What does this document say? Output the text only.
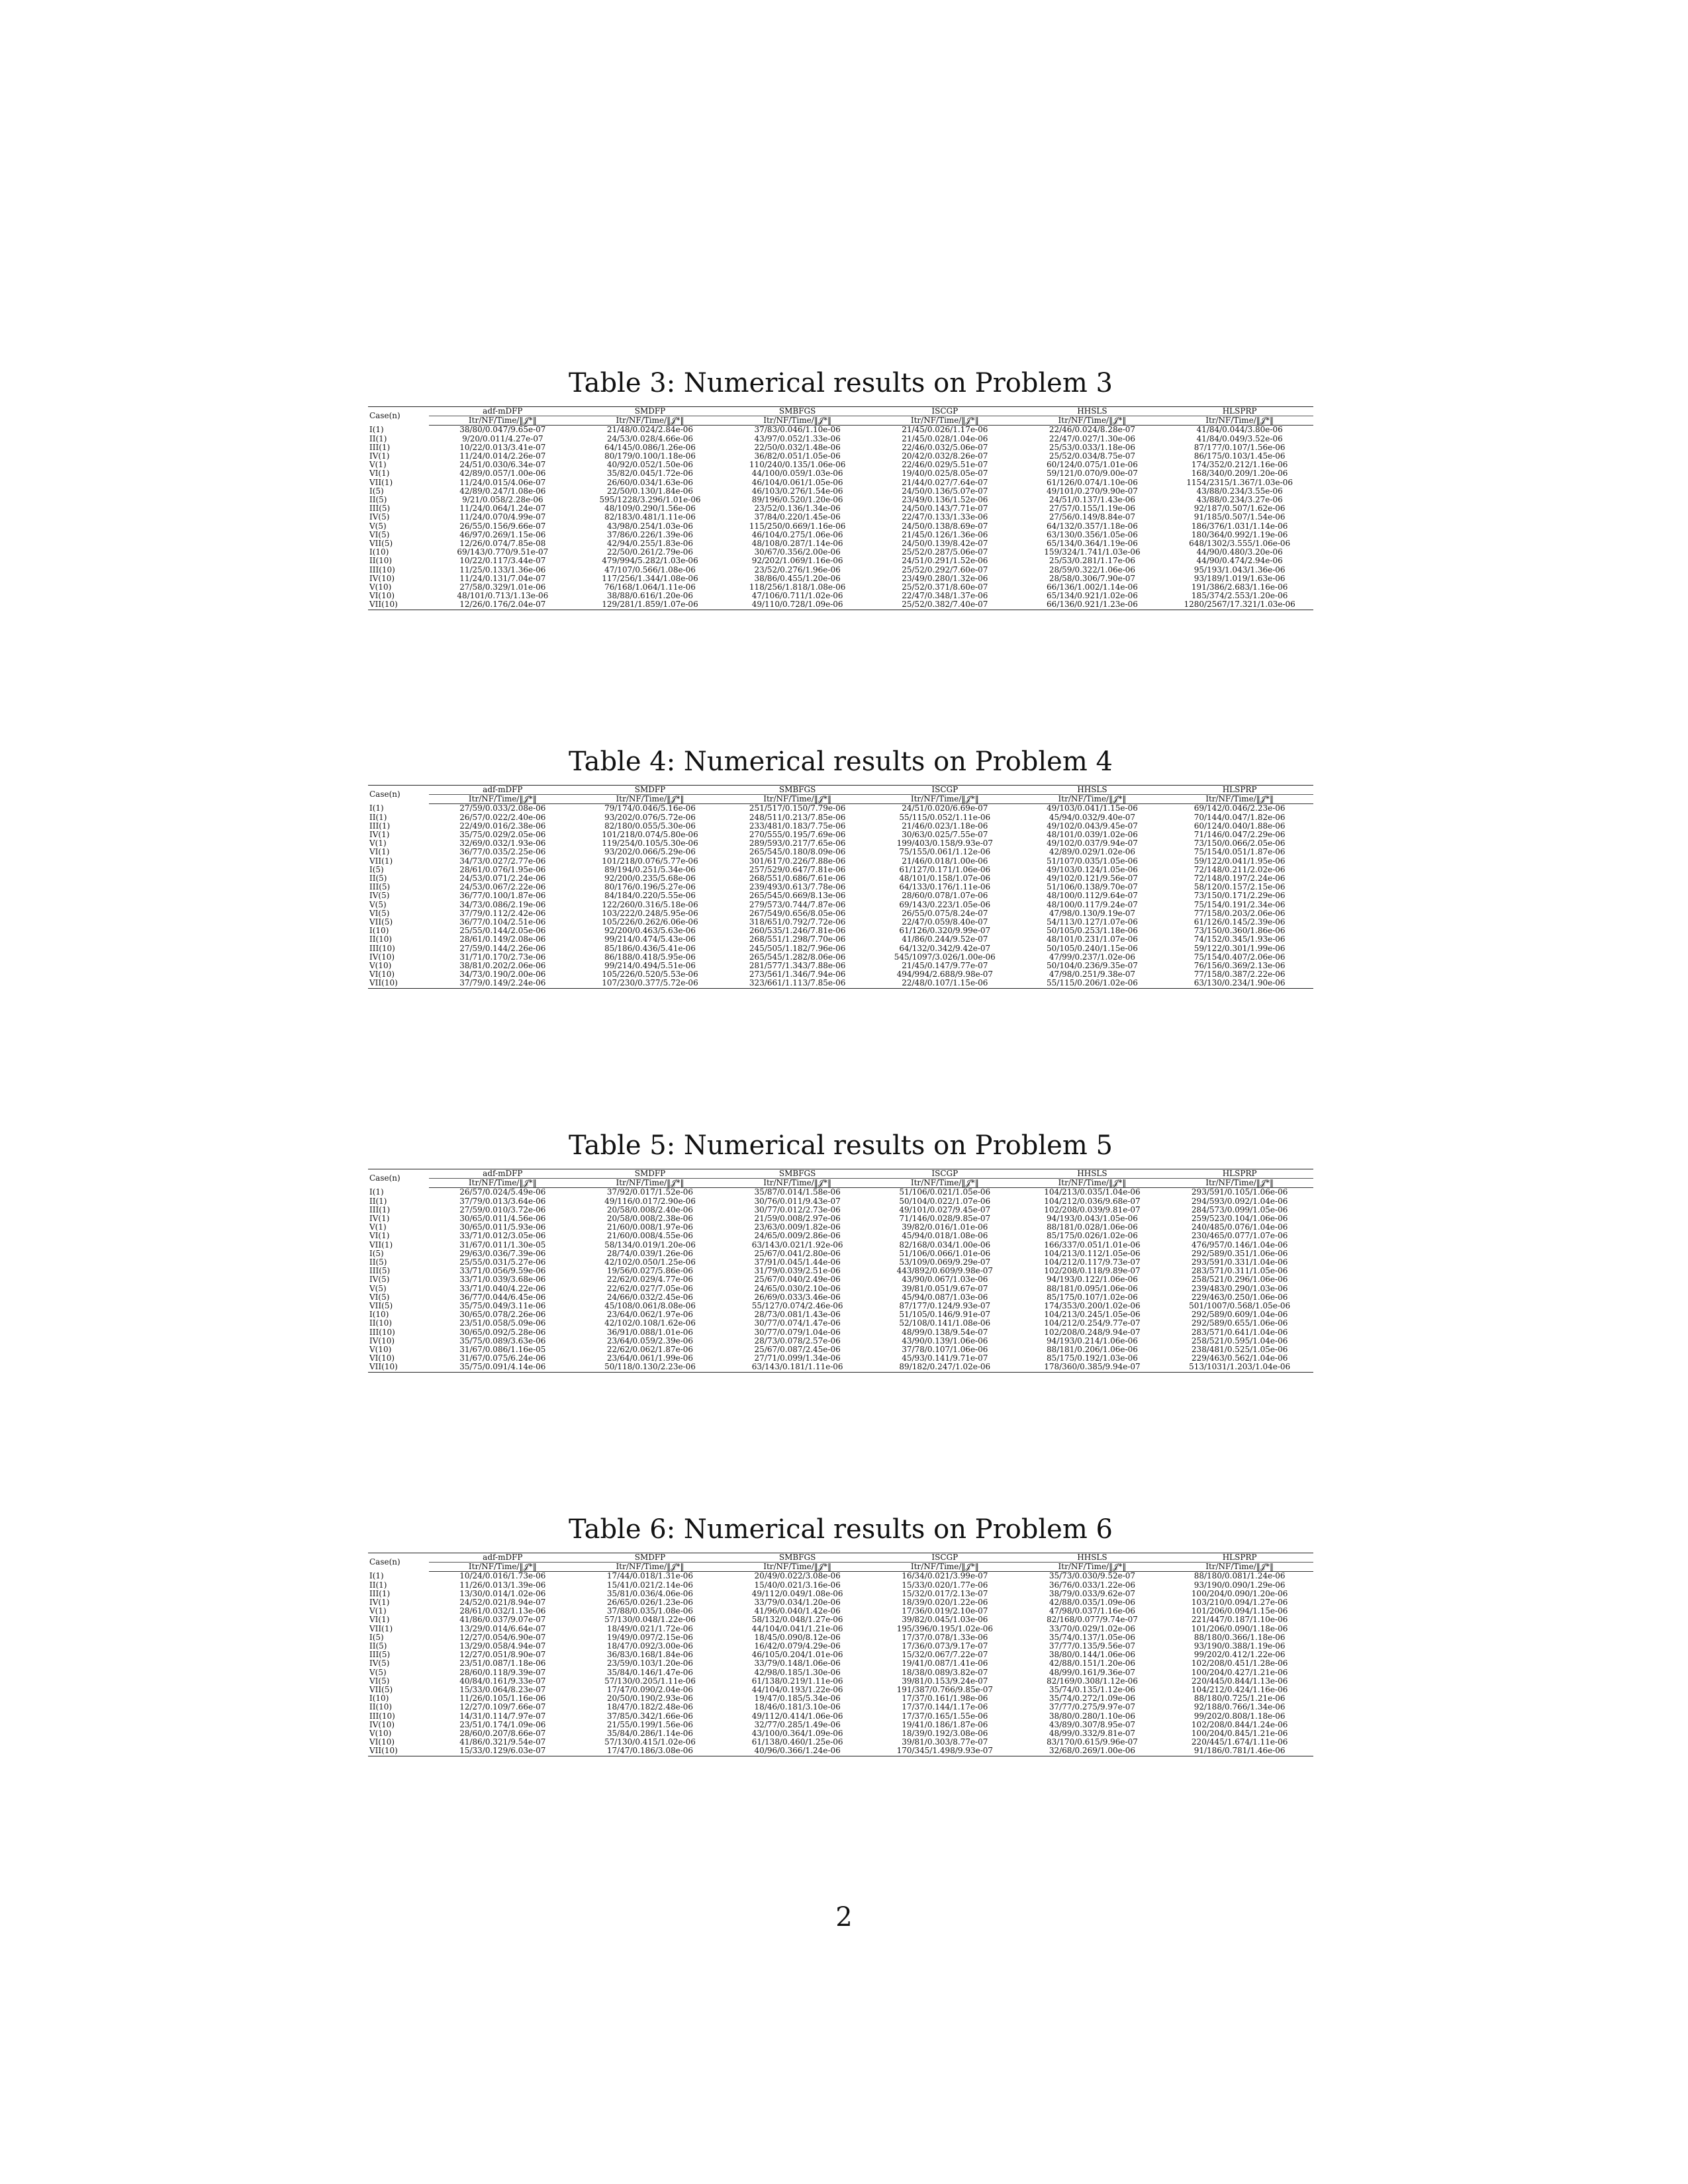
Table 3: Numerical results on Problem 3
Case(n)	adf-mDFP	SMDFP	SMBFGS	ISCGP	HHSLS	HLSPRP
	Itr/NF/Time/‖𝒥*‖	Itr/NF/Time/‖𝒥*‖	Itr/NF/Time/‖𝒥*‖	Itr/NF/Time/‖𝒥*‖	Itr/NF/Time/‖𝒥*‖	Itr/NF/Time/‖𝒥*‖
I(1)	38/80/0.047/9.65e-07	21/48/0.024/2.84e-06	37/83/0.046/1.10e-06	21/45/0.026/1.17e-06	22/46/0.024/8.28e-07	41/84/0.044/3.80e-06
II(1)	9/20/0.011/4.27e-07	24/53/0.028/4.66e-06	43/97/0.052/1.33e-06	21/45/0.028/1.04e-06	22/47/0.027/1.30e-06	41/84/0.049/3.52e-06
III(1)	10/22/0.013/3.41e-07	64/145/0.086/1.26e-06	22/50/0.032/1.48e-06	22/46/0.032/5.06e-07	25/53/0.033/1.18e-06	87/177/0.107/1.56e-06
IV(1)	11/24/0.014/2.26e-07	80/179/0.100/1.18e-06	36/82/0.051/1.05e-06	20/42/0.032/8.26e-07	25/52/0.034/8.75e-07	86/175/0.103/1.45e-06
V(1)	24/51/0.030/6.34e-07	40/92/0.052/1.50e-06	110/240/0.135/1.06e-06	22/46/0.029/5.51e-07	60/124/0.075/1.01e-06	174/352/0.212/1.16e-06
VI(1)	42/89/0.057/1.00e-06	35/82/0.045/1.72e-06	44/100/0.059/1.03e-06	19/40/0.025/8.05e-07	59/121/0.070/9.00e-07	168/340/0.209/1.20e-06
VII(1)	11/24/0.015/4.06e-07	26/60/0.034/1.63e-06	46/104/0.061/1.05e-06	21/44/0.027/7.64e-07	61/126/0.074/1.10e-06	1154/2315/1.367/1.03e-06
I(5)	42/89/0.247/1.08e-06	22/50/0.130/1.84e-06	46/103/0.276/1.54e-06	24/50/0.136/5.07e-07	49/101/0.270/9.90e-07	43/88/0.234/3.55e-06
II(5)	9/21/0.058/2.28e-06	595/1228/3.296/1.01e-06	89/196/0.520/1.20e-06	23/49/0.136/1.52e-06	24/51/0.137/1.43e-06	43/88/0.234/3.27e-06
III(5)	11/24/0.064/1.24e-07	48/109/0.290/1.56e-06	23/52/0.136/1.34e-06	24/50/0.143/7.71e-07	27/57/0.155/1.19e-06	92/187/0.507/1.62e-06
IV(5)	11/24/0.070/4.99e-07	82/183/0.481/1.11e-06	37/84/0.220/1.45e-06	22/47/0.133/1.33e-06	27/56/0.149/8.84e-07	91/185/0.507/1.54e-06
V(5)	26/55/0.156/9.66e-07	43/98/0.254/1.03e-06	115/250/0.669/1.16e-06	24/50/0.138/8.69e-07	64/132/0.357/1.18e-06	186/376/1.031/1.14e-06
VI(5)	46/97/0.269/1.15e-06	37/86/0.226/1.39e-06	46/104/0.275/1.06e-06	21/45/0.126/1.36e-06	63/130/0.356/1.05e-06	180/364/0.992/1.19e-06
VII(5)	12/26/0.074/7.85e-08	42/94/0.255/1.83e-06	48/108/0.287/1.14e-06	24/50/0.139/8.42e-07	65/134/0.364/1.19e-06	648/1302/3.555/1.06e-06
I(10)	69/143/0.770/9.51e-07	22/50/0.261/2.79e-06	30/67/0.356/2.00e-06	25/52/0.287/5.06e-07	159/324/1.741/1.03e-06	44/90/0.480/3.20e-06
II(10)	10/22/0.117/3.44e-07	479/994/5.282/1.03e-06	92/202/1.069/1.16e-06	24/51/0.291/1.52e-06	25/53/0.281/1.17e-06	44/90/0.474/2.94e-06
III(10)	11/25/0.133/1.36e-06	47/107/0.566/1.08e-06	23/52/0.276/1.96e-06	25/52/0.292/7.60e-07	28/59/0.322/1.06e-06	95/193/1.043/1.36e-06
IV(10)	11/24/0.131/7.04e-07	117/256/1.344/1.08e-06	38/86/0.455/1.20e-06	23/49/0.280/1.32e-06	28/58/0.306/7.90e-07	93/189/1.019/1.63e-06
V(10)	27/58/0.329/1.01e-06	76/168/1.064/1.11e-06	118/256/1.818/1.08e-06	25/52/0.371/8.60e-07	66/136/1.002/1.14e-06	191/386/2.683/1.16e-06
VI(10)	48/101/0.713/1.13e-06	38/88/0.616/1.20e-06	47/106/0.711/1.02e-06	22/47/0.348/1.37e-06	65/134/0.921/1.02e-06	185/374/2.553/1.20e-06
VII(10)	12/26/0.176/2.04e-07	129/281/1.859/1.07e-06	49/110/0.728/1.09e-06	25/52/0.382/7.40e-07	66/136/0.921/1.23e-06	1280/2567/17.321/1.03e-06
Table 4: Numerical results on Problem 4
Case(n)	adf-mDFP	SMDFP	SMBFGS	ISCGP	HHSLS	HLSPRP
	Itr/NF/Time/‖𝒥*‖	Itr/NF/Time/‖𝒥*‖	Itr/NF/Time/‖𝒥*‖	Itr/NF/Time/‖𝒥*‖	Itr/NF/Time/‖𝒥*‖	Itr/NF/Time/‖𝒥*‖
I(1)	27/59/0.033/2.08e-06	79/174/0.046/5.16e-06	251/517/0.150/7.79e-06	24/51/0.020/6.69e-07	49/103/0.041/1.15e-06	69/142/0.046/2.23e-06
II(1)	26/57/0.022/2.40e-06	93/202/0.076/5.72e-06	248/511/0.213/7.85e-06	55/115/0.052/1.11e-06	45/94/0.032/9.40e-07	70/144/0.047/1.82e-06
III(1)	22/49/0.016/2.38e-06	82/180/0.055/5.30e-06	233/481/0.183/7.75e-06	21/46/0.023/1.18e-06	49/102/0.043/9.45e-07	60/124/0.040/1.88e-06
IV(1)	35/75/0.029/2.05e-06	101/218/0.074/5.80e-06	270/555/0.195/7.69e-06	30/63/0.025/7.55e-07	48/101/0.039/1.02e-06	71/146/0.047/2.29e-06
V(1)	32/69/0.032/1.93e-06	119/254/0.105/5.30e-06	289/593/0.217/7.65e-06	199/403/0.158/9.93e-07	49/102/0.037/9.94e-07	73/150/0.066/2.05e-06
VI(1)	36/77/0.035/2.25e-06	93/202/0.066/5.29e-06	265/545/0.180/8.09e-06	75/155/0.061/1.12e-06	42/89/0.029/1.02e-06	75/154/0.051/1.87e-06
VII(1)	34/73/0.027/2.77e-06	101/218/0.076/5.77e-06	301/617/0.226/7.88e-06	21/46/0.018/1.00e-06	51/107/0.035/1.05e-06	59/122/0.041/1.95e-06
I(5)	28/61/0.076/1.95e-06	89/194/0.251/5.34e-06	257/529/0.647/7.81e-06	61/127/0.171/1.06e-06	49/103/0.124/1.05e-06	72/148/0.211/2.02e-06
II(5)	24/53/0.071/2.24e-06	92/200/0.235/5.68e-06	268/551/0.686/7.61e-06	48/101/0.158/1.07e-06	49/102/0.121/9.56e-07	72/148/0.197/2.24e-06
III(5)	24/53/0.067/2.22e-06	80/176/0.196/5.27e-06	239/493/0.613/7.78e-06	64/133/0.176/1.11e-06	51/106/0.138/9.70e-07	58/120/0.157/2.15e-06
IV(5)	36/77/0.100/1.87e-06	84/184/0.220/5.55e-06	265/545/0.669/8.13e-06	28/60/0.078/1.07e-06	48/100/0.112/9.64e-07	73/150/0.171/2.29e-06
V(5)	34/73/0.086/2.19e-06	122/260/0.316/5.18e-06	279/573/0.744/7.87e-06	69/143/0.223/1.05e-06	48/100/0.117/9.24e-07	75/154/0.191/2.34e-06
VI(5)	37/79/0.112/2.42e-06	103/222/0.248/5.95e-06	267/549/0.656/8.05e-06	26/55/0.075/8.24e-07	47/98/0.130/9.19e-07	77/158/0.203/2.06e-06
VII(5)	36/77/0.104/2.51e-06	105/226/0.262/6.06e-06	318/651/0.792/7.72e-06	22/47/0.059/8.40e-07	54/113/0.127/1.07e-06	61/126/0.145/2.39e-06
I(10)	25/55/0.144/2.05e-06	92/200/0.463/5.63e-06	260/535/1.246/7.81e-06	61/126/0.320/9.99e-07	50/105/0.253/1.18e-06	73/150/0.360/1.86e-06
II(10)	28/61/0.149/2.08e-06	99/214/0.474/5.43e-06	268/551/1.298/7.70e-06	41/86/0.244/9.52e-07	48/101/0.231/1.07e-06	74/152/0.345/1.93e-06
III(10)	27/59/0.144/2.26e-06	85/186/0.436/5.41e-06	245/505/1.182/7.96e-06	64/132/0.342/9.42e-07	50/105/0.240/1.15e-06	59/122/0.301/1.99e-06
IV(10)	31/71/0.170/2.73e-06	86/188/0.418/5.95e-06	265/545/1.282/8.06e-06	545/1097/3.026/1.00e-06	47/99/0.237/1.02e-06	75/154/0.407/2.06e-06
V(10)	38/81/0.202/2.06e-06	99/214/0.494/5.51e-06	281/577/1.343/7.88e-06	21/45/0.147/9.77e-07	50/104/0.236/9.35e-07	76/156/0.369/2.13e-06
VI(10)	34/73/0.190/2.00e-06	105/226/0.520/5.53e-06	273/561/1.346/7.94e-06	494/994/2.688/9.98e-07	47/98/0.251/9.38e-07	77/158/0.387/2.22e-06
VII(10)	37/79/0.149/2.24e-06	107/230/0.377/5.72e-06	323/661/1.113/7.85e-06	22/48/0.107/1.15e-06	55/115/0.206/1.02e-06	63/130/0.234/1.90e-06
Table 5: Numerical results on Problem 5
Case(n)	adf-mDFP	SMDFP	SMBFGS	ISCGP	HHSLS	HLSPRP
	Itr/NF/Time/‖𝒥*‖	Itr/NF/Time/‖𝒥*‖	Itr/NF/Time/‖𝒥*‖	Itr/NF/Time/‖𝒥*‖	Itr/NF/Time/‖𝒥*‖	Itr/NF/Time/‖𝒥*‖
I(1)	26/57/0.024/5.49e-06	37/92/0.017/1.52e-06	35/87/0.014/1.58e-06	51/106/0.021/1.05e-06	104/213/0.035/1.04e-06	293/591/0.105/1.06e-06
II(1)	37/79/0.013/3.64e-06	49/116/0.017/2.90e-06	30/76/0.011/9.43e-07	50/104/0.022/1.07e-06	104/212/0.036/9.68e-07	294/593/0.092/1.04e-06
III(1)	27/59/0.010/3.72e-06	20/58/0.008/2.40e-06	30/77/0.012/2.73e-06	49/101/0.027/9.45e-07	102/208/0.039/9.81e-07	284/573/0.099/1.05e-06
IV(1)	30/65/0.011/4.56e-06	20/58/0.008/2.38e-06	21/59/0.008/2.97e-06	71/146/0.028/9.85e-07	94/193/0.043/1.05e-06	259/523/0.104/1.06e-06
V(1)	30/65/0.011/5.93e-06	21/60/0.008/1.97e-06	23/63/0.009/1.82e-06	39/82/0.016/1.01e-06	88/181/0.028/1.06e-06	240/485/0.076/1.04e-06
VI(1)	33/71/0.012/3.05e-06	21/60/0.008/4.55e-06	24/65/0.009/2.86e-06	45/94/0.018/1.08e-06	85/175/0.026/1.02e-06	230/465/0.077/1.07e-06
VII(1)	31/67/0.011/1.30e-05	58/134/0.019/1.20e-06	63/143/0.021/1.92e-06	82/168/0.034/1.00e-06	166/337/0.051/1.01e-06	476/957/0.146/1.04e-06
I(5)	29/63/0.036/7.39e-06	28/74/0.039/1.26e-06	25/67/0.041/2.80e-06	51/106/0.066/1.01e-06	104/213/0.112/1.05e-06	292/589/0.351/1.06e-06
II(5)	25/55/0.031/5.27e-06	42/102/0.050/1.25e-06	37/91/0.045/1.44e-06	53/109/0.069/9.29e-07	104/212/0.117/9.73e-07	293/591/0.331/1.04e-06
III(5)	33/71/0.056/9.59e-06	19/56/0.027/5.86e-06	31/79/0.039/2.51e-06	443/892/0.609/9.98e-07	102/208/0.118/9.89e-07	283/571/0.311/1.05e-06
IV(5)	33/71/0.039/3.68e-06	22/62/0.029/4.77e-06	25/67/0.040/2.49e-06	43/90/0.067/1.03e-06	94/193/0.122/1.06e-06	258/521/0.296/1.06e-06
V(5)	33/71/0.040/4.22e-06	22/62/0.027/7.05e-06	24/65/0.030/2.10e-06	39/81/0.051/9.67e-07	88/181/0.095/1.06e-06	239/483/0.290/1.03e-06
VI(5)	36/77/0.044/6.45e-06	24/66/0.032/2.45e-06	26/69/0.033/3.46e-06	45/94/0.087/1.03e-06	85/175/0.107/1.02e-06	229/463/0.250/1.06e-06
VII(5)	35/75/0.049/3.11e-06	45/108/0.061/8.08e-06	55/127/0.074/2.46e-06	87/177/0.124/9.93e-07	174/353/0.200/1.02e-06	501/1007/0.568/1.05e-06
I(10)	30/65/0.078/2.26e-06	23/64/0.062/1.97e-06	28/73/0.081/1.43e-06	51/105/0.146/9.91e-07	104/213/0.245/1.05e-06	292/589/0.609/1.04e-06
II(10)	23/51/0.058/5.09e-06	42/102/0.108/1.62e-06	30/77/0.074/1.47e-06	52/108/0.141/1.08e-06	104/212/0.254/9.77e-07	292/589/0.655/1.06e-06
III(10)	30/65/0.092/5.28e-06	36/91/0.088/1.01e-06	30/77/0.079/1.04e-06	48/99/0.138/9.54e-07	102/208/0.248/9.94e-07	283/571/0.641/1.04e-06
IV(10)	35/75/0.089/3.63e-06	23/64/0.059/2.39e-06	28/73/0.078/2.57e-06	43/90/0.139/1.06e-06	94/193/0.214/1.06e-06	258/521/0.595/1.04e-06
V(10)	31/67/0.086/1.16e-05	22/62/0.062/1.87e-06	25/67/0.087/2.45e-06	37/78/0.107/1.06e-06	88/181/0.206/1.06e-06	238/481/0.525/1.05e-06
VI(10)	31/67/0.075/6.24e-06	23/64/0.061/1.99e-06	27/71/0.099/1.34e-06	45/93/0.141/9.71e-07	85/175/0.192/1.03e-06	229/463/0.562/1.04e-06
VII(10)	35/75/0.091/4.14e-06	50/118/0.130/2.23e-06	63/143/0.181/1.11e-06	89/182/0.247/1.02e-06	178/360/0.385/9.94e-07	513/1031/1.203/1.04e-06
Table 6: Numerical results on Problem 6
Case(n)	adf-mDFP	SMDFP	SMBFGS	ISCGP	HHSLS	HLSPRP
	Itr/NF/Time/‖𝒥*‖	Itr/NF/Time/‖𝒥*‖	Itr/NF/Time/‖𝒥*‖	Itr/NF/Time/‖𝒥*‖	Itr/NF/Time/‖𝒥*‖	Itr/NF/Time/‖𝒥*‖
I(1)	10/24/0.016/1.73e-06	17/44/0.018/1.31e-06	20/49/0.022/3.08e-06	16/34/0.021/3.99e-07	35/73/0.030/9.52e-07	88/180/0.081/1.24e-06
II(1)	11/26/0.013/1.39e-06	15/41/0.021/2.14e-06	15/40/0.021/3.16e-06	15/33/0.020/1.77e-06	36/76/0.033/1.22e-06	93/190/0.090/1.29e-06
III(1)	13/30/0.014/1.02e-06	35/81/0.036/4.06e-06	49/112/0.049/1.08e-06	15/32/0.017/2.13e-07	38/79/0.033/9.62e-07	100/204/0.090/1.20e-06
IV(1)	24/52/0.021/8.94e-07	26/65/0.026/1.23e-06	33/79/0.034/1.20e-06	18/39/0.020/1.22e-06	42/88/0.035/1.09e-06	103/210/0.094/1.27e-06
V(1)	28/61/0.032/1.13e-06	37/88/0.035/1.08e-06	41/96/0.040/1.42e-06	17/36/0.019/2.10e-07	47/98/0.037/1.16e-06	101/206/0.094/1.15e-06
VI(1)	41/86/0.037/9.07e-07	57/130/0.048/1.22e-06	58/132/0.048/1.27e-06	39/82/0.045/1.03e-06	82/168/0.077/9.74e-07	221/447/0.187/1.10e-06
VII(1)	13/29/0.014/6.64e-07	18/49/0.021/1.72e-06	44/104/0.041/1.21e-06	195/396/0.195/1.02e-06	33/70/0.029/1.02e-06	101/206/0.090/1.18e-06
I(5)	12/27/0.054/6.90e-07	19/49/0.097/2.15e-06	18/45/0.090/8.12e-06	17/37/0.078/1.33e-06	35/74/0.137/1.05e-06	88/180/0.366/1.18e-06
II(5)	13/29/0.058/4.94e-07	18/47/0.092/3.00e-06	16/42/0.079/4.29e-06	17/36/0.073/9.17e-07	37/77/0.135/9.56e-07	93/190/0.388/1.19e-06
III(5)	12/27/0.051/8.90e-07	36/83/0.168/1.84e-06	46/105/0.204/1.01e-06	15/32/0.067/7.22e-07	38/80/0.144/1.06e-06	99/202/0.412/1.22e-06
IV(5)	23/51/0.087/1.18e-06	23/59/0.103/1.20e-06	33/79/0.148/1.06e-06	19/41/0.087/1.41e-06	42/88/0.151/1.20e-06	102/208/0.451/1.28e-06
V(5)	28/60/0.118/9.39e-07	35/84/0.146/1.47e-06	42/98/0.185/1.30e-06	18/38/0.089/3.82e-07	48/99/0.161/9.36e-07	100/204/0.427/1.21e-06
VI(5)	40/84/0.161/9.33e-07	57/130/0.205/1.11e-06	61/138/0.219/1.11e-06	39/81/0.153/9.24e-07	82/169/0.308/1.12e-06	220/445/0.844/1.13e-06
VII(5)	15/33/0.064/8.23e-07	17/47/0.090/2.04e-06	44/104/0.193/1.22e-06	191/387/0.766/9.85e-07	35/74/0.135/1.12e-06	104/212/0.424/1.16e-06
I(10)	11/26/0.105/1.16e-06	20/50/0.190/2.93e-06	19/47/0.185/5.34e-06	17/37/0.161/1.98e-06	35/74/0.272/1.09e-06	88/180/0.725/1.21e-06
II(10)	12/27/0.109/7.66e-07	18/47/0.182/2.48e-06	18/46/0.181/3.10e-06	17/37/0.144/1.17e-06	37/77/0.275/9.97e-07	92/188/0.766/1.34e-06
III(10)	14/31/0.114/7.97e-07	37/85/0.342/1.66e-06	49/112/0.414/1.06e-06	17/37/0.165/1.55e-06	38/80/0.280/1.10e-06	99/202/0.808/1.18e-06
IV(10)	23/51/0.174/1.09e-06	21/55/0.199/1.56e-06	32/77/0.285/1.49e-06	19/41/0.186/1.87e-06	43/89/0.307/8.95e-07	102/208/0.844/1.24e-06
V(10)	28/60/0.207/8.66e-07	35/84/0.286/1.14e-06	43/100/0.364/1.09e-06	18/39/0.192/3.08e-06	48/99/0.332/9.81e-07	100/204/0.845/1.21e-06
VI(10)	41/86/0.321/9.54e-07	57/130/0.415/1.02e-06	61/138/0.460/1.25e-06	39/81/0.303/8.77e-07	83/170/0.615/9.96e-07	220/445/1.674/1.11e-06
VII(10)	15/33/0.129/6.03e-07	17/47/0.186/3.08e-06	40/96/0.366/1.24e-06	170/345/1.498/9.93e-07	32/68/0.269/1.00e-06	91/186/0.781/1.46e-06
2
